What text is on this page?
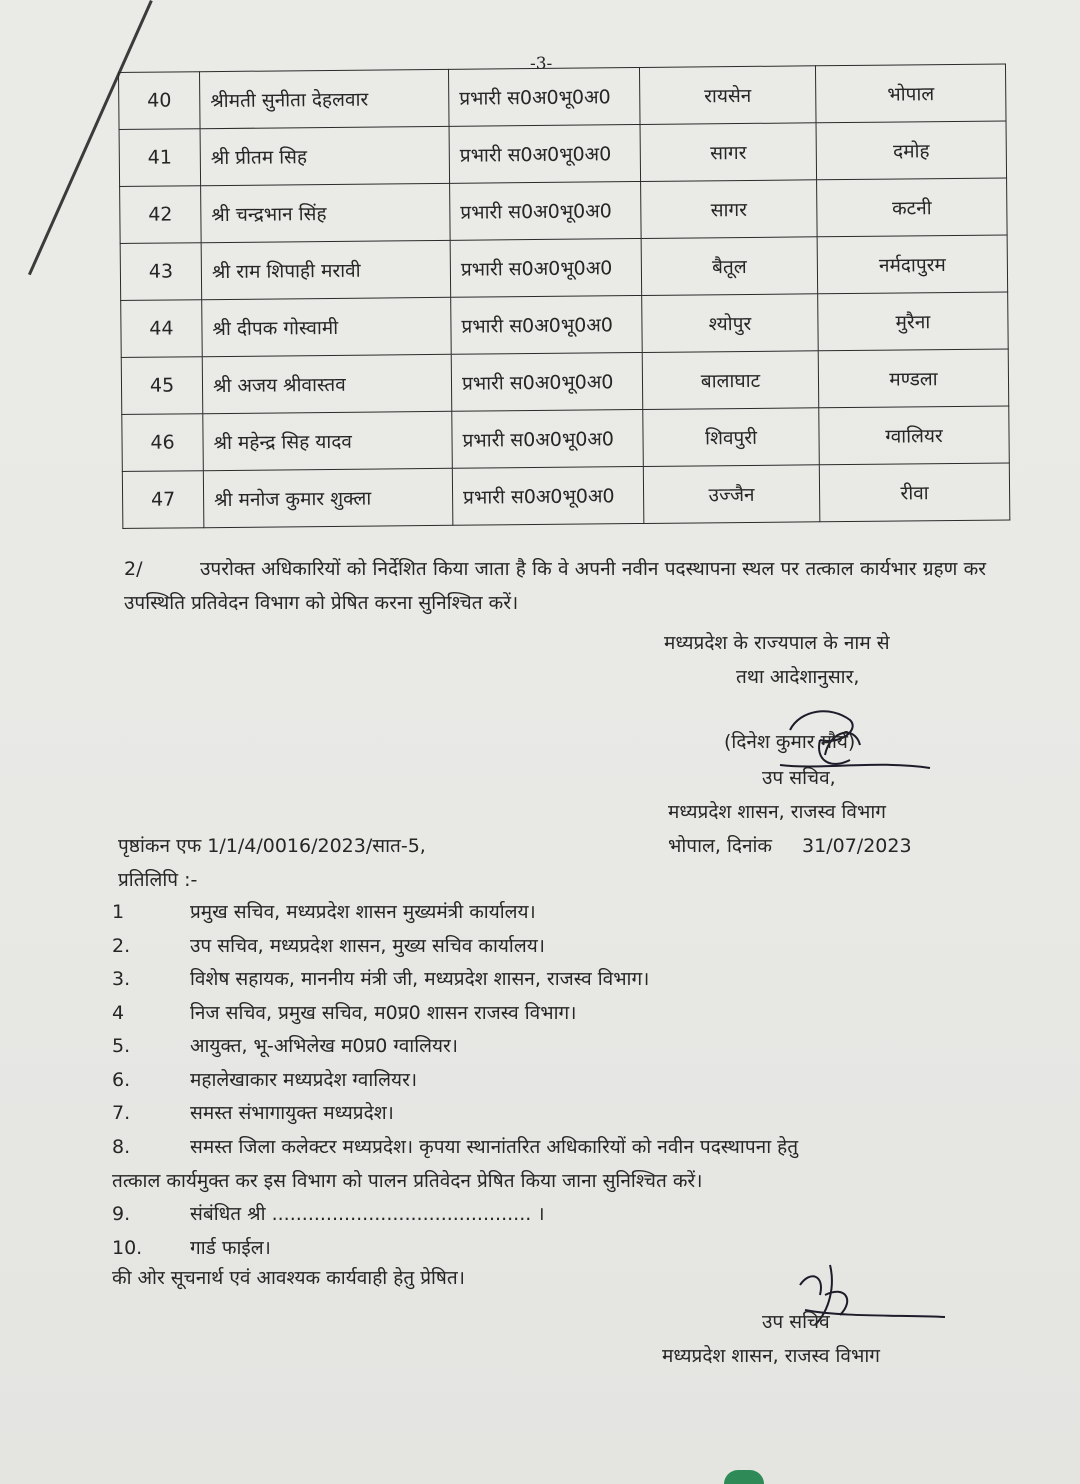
-3-
40	श्रीमती सुनीता देहलवार	प्रभारी स0अ0भू0अ0	रायसेन	भोपाल
41	श्री प्रीतम सिह	प्रभारी स0अ0भू0अ0	सागर	दमोह
42	श्री चन्द्रभान सिंह	प्रभारी स0अ0भू0अ0	सागर	कटनी
43	श्री राम शिपाही मरावी	प्रभारी स0अ0भू0अ0	बैतूल	नर्मदापुरम
44	श्री दीपक गोस्वामी	प्रभारी स0अ0भू0अ0	श्योपुर	मुरैना
45	श्री अजय श्रीवास्तव	प्रभारी स0अ0भू0अ0	बालाघाट	मण्डला
46	श्री महेन्द्र सिह यादव	प्रभारी स0अ0भू0अ0	शिवपुरी	ग्वालियर
47	श्री मनोज कुमार शुक्ला	प्रभारी स0अ0भू0अ0	उज्जैन	रीवा
2/	उपरोक्त अधिकारियों को निर्देशित किया जाता है कि वे अपनी नवीन पदस्थापना स्थल पर तत्काल कार्यभार ग्रहण कर उपस्थिति प्रतिवेदन विभाग को प्रेषित करना सुनिश्चित करें।
मध्यप्रदेश के राज्यपाल के नाम से
तथा आदेशानुसार,
(दिनेश कुमार मौर्य)
उप सचिव,
मध्यप्रदेश शासन, राजस्व विभाग
पृष्ठांकन एफ 1/1/4/0016/2023/सात-5,	भोपाल, दिनांक 31/07/2023
प्रतिलिपि :-
1	प्रमुख सचिव, मध्यप्रदेश शासन मुख्यमंत्री कार्यालय।
2.	उप सचिव, मध्यप्रदेश शासन, मुख्य सचिव कार्यालय।
3.	विशेष सहायक, माननीय मंत्री जी, मध्यप्रदेश शासन, राजस्व विभाग।
4	निज सचिव, प्रमुख सचिव, म0प्र0 शासन राजस्व विभाग।
5.	आयुक्त, भू-अभिलेख म0प्र0 ग्वालियर।
6.	महालेखाकार मध्यप्रदेश ग्वालियर।
7.	समस्त संभागायुक्त मध्यप्रदेश।
8.	समस्त जिला कलेक्टर मध्यप्रदेश। कृपया स्थानांतरित अधिकारियों को नवीन पदस्थापना हेतु
तत्काल कार्यमुक्त कर इस विभाग को पालन प्रतिवेदन प्रेषित किया जाना सुनिश्चित करें।
9.	संबंधित श्री ........................................... ।
10.	गार्ड फाईल।
की ओर सूचनार्थ एवं आवश्यक कार्यवाही हेतु प्रेषित।
उप सचिव
मध्यप्रदेश शासन, राजस्व विभाग
